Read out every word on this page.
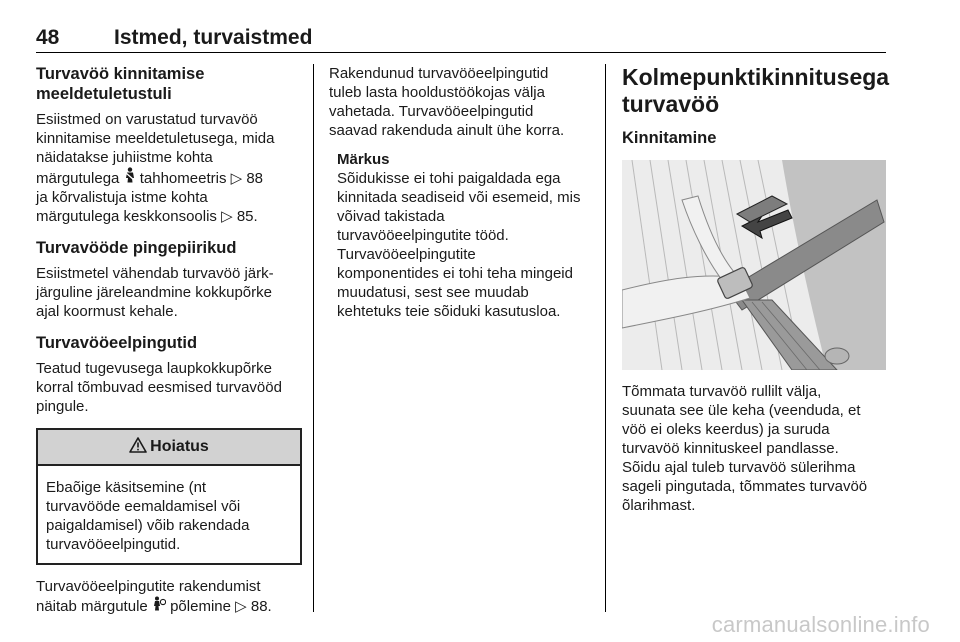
48	Istmed, turvaistmed

Turvavöö kinnitamise
meeldetuletustuli

Esiistmed on varustatud turvavöö
kinnitamise meeldetuletusega, mida
näidatakse juhiistme kohta
märgutulega tahhomeetris ▷ 88
ja kõrvalistuja istme kohta
märgutulega keskkonsoolis ▷ 85.

Turvavööde pingepiirikud

Esiistmetel vähendab turvavöö järk-
järguline järeleandmine kokkupõrke
ajal koormust kehale.

Turvavööeelpingutid

Teatud tugevusega laupkokkupõrke
korral tõmbuvad eesmised turvavööd
pingule.

Hoiatus

Ebaõige käsitsemine (nt
turvavööde eemaldamisel või
paigaldamisel) võib rakendada
turvavööeelpingutid.

Turvavööeelpingutite rakendumist
näitab märgutule põlemine ▷ 88.

Rakendunud turvavööeelpingutid
tuleb lasta hooldustöökojas välja
vahetada. Turvavööeelpingutid
saavad rakenduda ainult ühe korra.

Märkus

Sõidukisse ei tohi paigaldada ega
kinnitada seadiseid või esemeid, mis
võivad takistada
turvavööeelpingutite tööd.
Turvavööeelpingutite
komponentides ei tohi teha mingeid
muudatusi, sest see muudab
kehtetuks teie sõiduki kasutusloa.

Kolmepunktikinnitusega
turvavöö

Kinnitamine

Tõmmata turvavöö rullilt välja,
suunata see üle keha (veenduda, et
vöö ei oleks keerdus) ja suruda
turvavöö kinnituskeel pandlasse.
Sõidu ajal tuleb turvavöö sülerihma
sageli pingutada, tõmmates turvavöö
õlarihmast.

carmanualsonline.info
